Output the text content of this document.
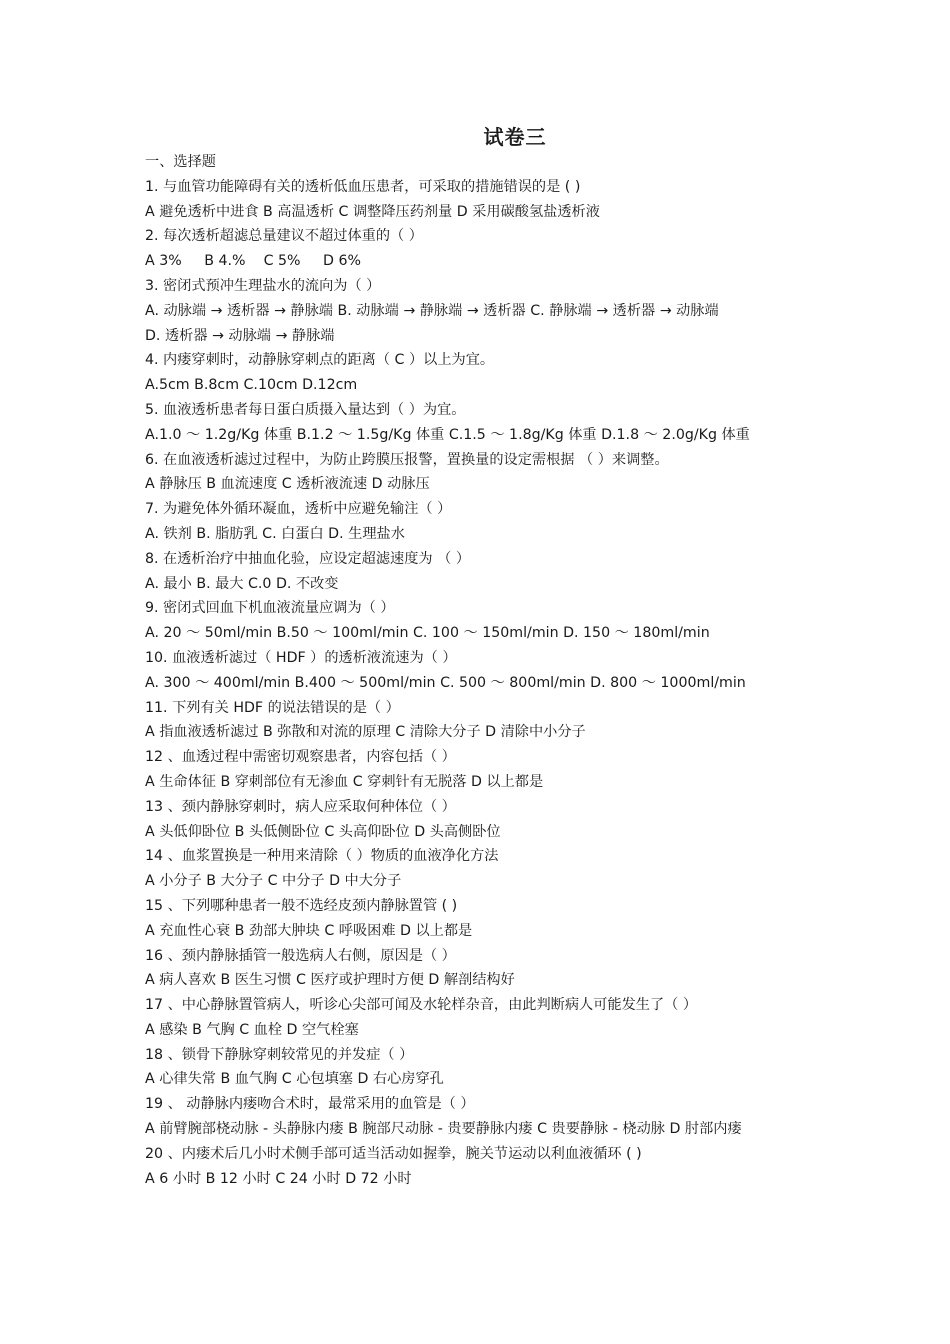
试卷三
一、选择题
1. 与血管功能障碍有关的透析低血压患者，可采取的措施错误的是 ( )
A 避免透析中进食 B 高温透析 C 调整降压药剂量 D 采用碳酸氢盐透析液
2. 每次透析超滤总量建议不超过体重的（ ）
A 3%     B 4.%    C 5%     D 6%
3. 密闭式预冲生理盐水的流向为（ ）
A. 动脉端 → 透析器 → 静脉端 B. 动脉端 → 静脉端 → 透析器 C. 静脉端 → 透析器 → 动脉端
D. 透析器 → 动脉端 → 静脉端
4. 内瘘穿刺时，动静脉穿刺点的距离（ C ）以上为宜。
A.5cm B.8cm C.10cm D.12cm
5. 血液透析患者每日蛋白质摄入量达到（ ）为宜。
A.1.0 ～ 1.2g/Kg 体重 B.1.2 ～ 1.5g/Kg 体重 C.1.5 ～ 1.8g/Kg 体重 D.1.8 ～ 2.0g/Kg 体重
6. 在血液透析滤过过程中，为防止跨膜压报警，置换量的设定需根据 （ ）来调整。
A 静脉压 B 血流速度 C 透析液流速 D 动脉压
7. 为避免体外循环凝血，透析中应避免输注（ ）
A. 铁剂 B. 脂肪乳 C. 白蛋白 D. 生理盐水
8. 在透析治疗中抽血化验，应设定超滤速度为 （ ）
A. 最小 B. 最大 C.0 D. 不改变
9. 密闭式回血下机血液流量应调为（ ）
A. 20 ～ 50ml/min B.50 ～ 100ml/min C. 100 ～ 150ml/min D. 150 ～ 180ml/min
10. 血液透析滤过（ HDF ）的透析液流速为（ ）
A. 300 ～ 400ml/min B.400 ～ 500ml/min C. 500 ～ 800ml/min D. 800 ～ 1000ml/min
11. 下列有关 HDF 的说法错误的是（ ）
A 指血液透析滤过 B 弥散和对流的原理 C 清除大分子 D 清除中小分子
12 、血透过程中需密切观察患者，内容包括（ ）
A 生命体征 B 穿刺部位有无渗血 C 穿刺针有无脱落 D 以上都是
13 、颈内静脉穿刺时，病人应采取何种体位（ ）
A 头低仰卧位 B 头低侧卧位 C 头高仰卧位 D 头高侧卧位
14 、血浆置换是一种用来清除（ ）物质的血液净化方法
A 小分子 B 大分子 C 中分子 D 中大分子
15 、下列哪种患者一般不选经皮颈内静脉置管 ( )
A 充血性心衰 B 劲部大肿块 C 呼吸困难 D 以上都是
16 、颈内静脉插管一般选病人右侧，原因是（ ）
A 病人喜欢 B 医生习惯 C 医疗或护理时方便 D 解剖结构好
17 、中心静脉置管病人，听诊心尖部可闻及水轮样杂音，由此判断病人可能发生了（ ）
A 感染 B 气胸 C 血栓 D 空气栓塞
18 、锁骨下静脉穿刺较常见的并发症（ ）
A 心律失常 B 血气胸 C 心包填塞 D 右心房穿孔
19 、 动静脉内瘘吻合术时，最常采用的血管是（ ）
A 前臂腕部桡动脉 - 头静脉内瘘 B 腕部尺动脉 - 贵要静脉内瘘 C 贵要静脉 - 桡动脉 D 肘部内瘘
20 、内瘘术后几小时术侧手部可适当活动如握拳，腕关节运动以利血液循环 ( )
A 6 小时 B 12 小时 C 24 小时 D 72 小时
